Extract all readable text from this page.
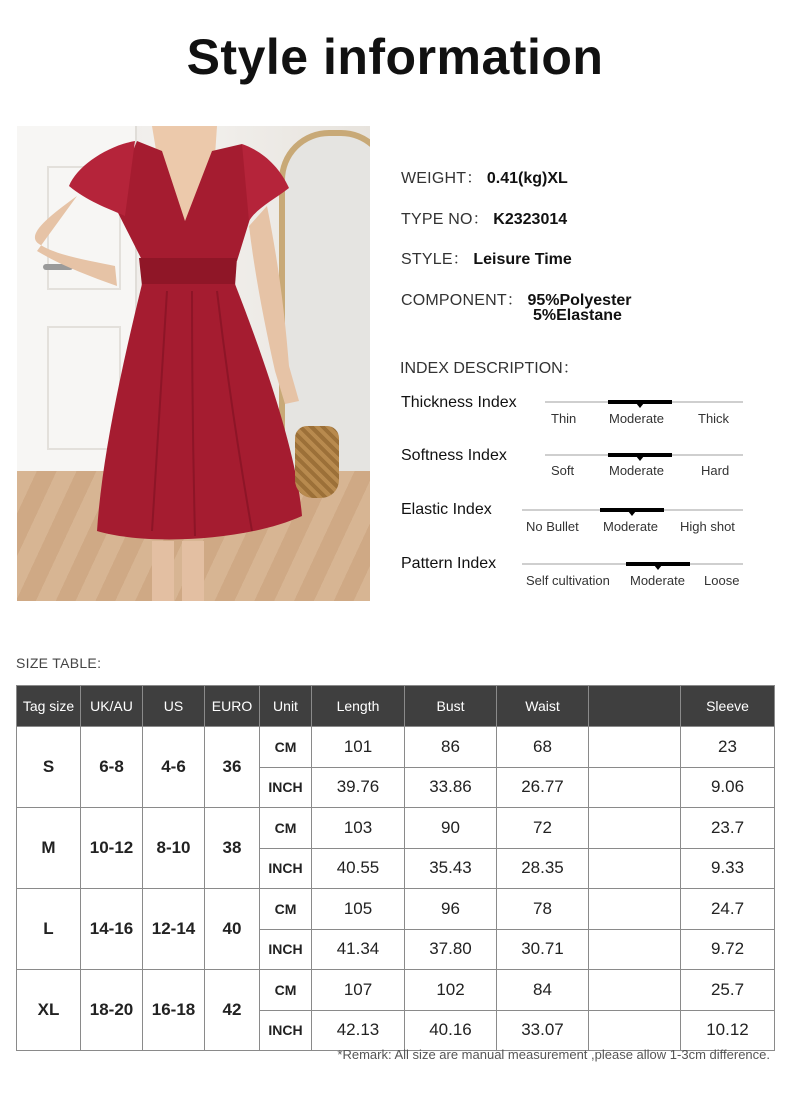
Style information
WEIGHT： 0.41(kg)XL
TYPE NO： K2323014
STYLE： Leisure Time
COMPONENT： 95%Polyester
5%Elastane
INDEX DESCRIPTION：
Thickness Index
Thin	Moderate	Thick
Softness Index
Soft	Moderate	Hard
Elastic Index
No Bullet Moderate High shot
Pattern Index
Self cultivation Moderate Loose
SIZE TABLE:
Tag size	UK/AU	US	EURO	Unit	Length	Bust	Waist		Sleeve
S	6-8	4-6	36	CM	101	86	68		23
				INCH	39.76	33.86	26.77		9.06
M	10-12	8-10	38	CM	103	90	72		23.7
				INCH	40.55	35.43	28.35		9.33
L	14-16	12-14	40	CM	105	96	78		24.7
				INCH	41.34	37.80	30.71		9.72
XL	18-20	16-18	42	CM	107	102	84		25.7
				INCH	42.13	40.16	33.07		10.12
*Remark: All size are manual measurement ,please allow 1-3cm difference.
